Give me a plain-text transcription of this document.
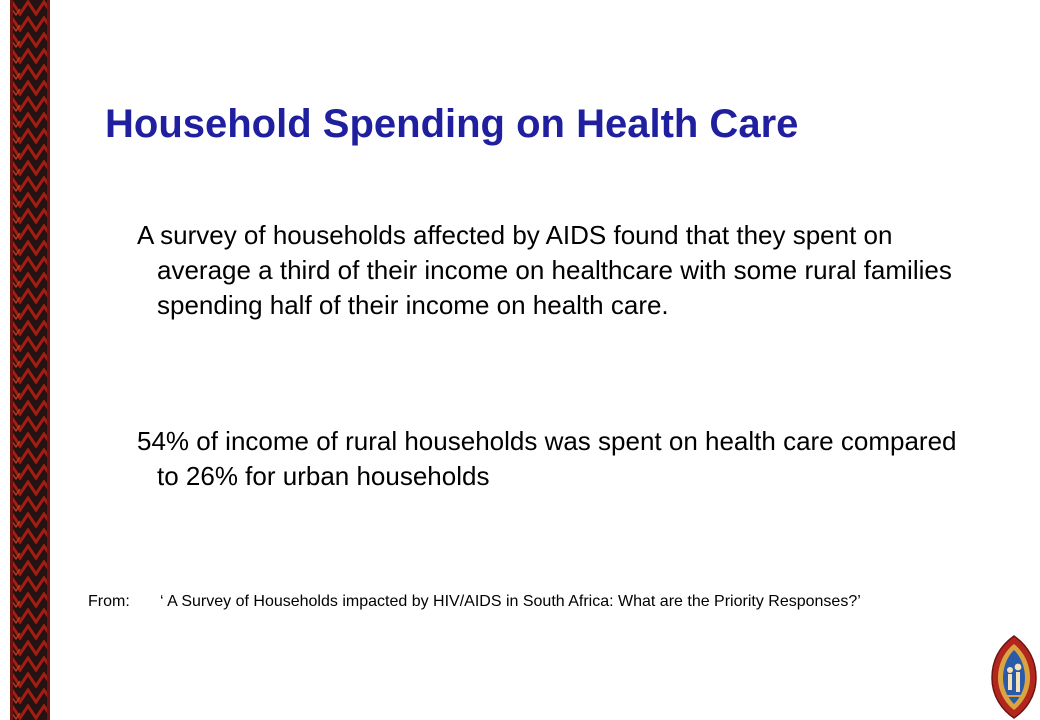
Household Spending on Health Care

A survey of households affected by AIDS found that they spent on average a third of their income on healthcare with some rural families spending half of their income on health care.

54% of income of rural households was spent on health care compared to 26% for urban households

From:	‘ A Survey of Households impacted by HIV/AIDS in South Africa: What are the Priority Responses?’
